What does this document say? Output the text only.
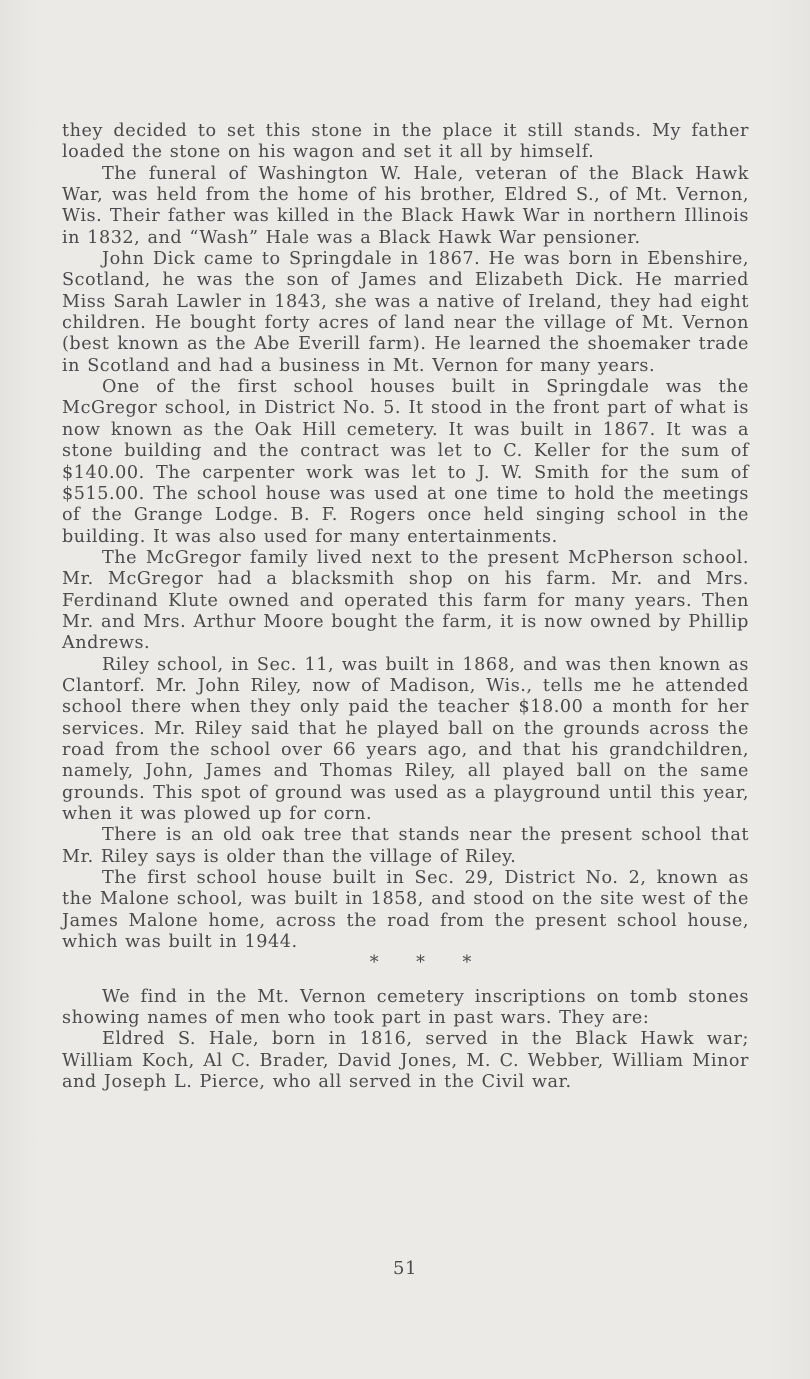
they decided to set this stone in the place it still stands. My father loaded the stone on his wagon and set it all by himself.

The funeral of Washington W. Hale, veteran of the Black Hawk War, was held from the home of his brother, Eldred S., of Mt. Vernon, Wis. Their father was killed in the Black Hawk War in northern Illinois in 1832, and “Wash” Hale was a Black Hawk War pensioner.

John Dick came to Springdale in 1867. He was born in Ebenshire, Scotland, he was the son of James and Elizabeth Dick. He married Miss Sarah Lawler in 1843, she was a native of Ireland, they had eight children. He bought forty acres of land near the village of Mt. Vernon (best known as the Abe Everill farm). He learned the shoemaker trade in Scotland and had a business in Mt. Vernon for many years.

One of the first school houses built in Springdale was the McGregor school, in District No. 5. It stood in the front part of what is now known as the Oak Hill cemetery. It was built in 1867. It was a stone building and the contract was let to C. Keller for the sum of $140.00. The carpenter work was let to J. W. Smith for the sum of $515.00. The school house was used at one time to hold the meetings of the Grange Lodge. B. F. Rogers once held singing school in the building. It was also used for many entertainments.

The McGregor family lived next to the present McPherson school. Mr. McGregor had a blacksmith shop on his farm. Mr. and Mrs. Ferdinand Klute owned and operated this farm for many years. Then Mr. and Mrs. Arthur Moore bought the farm, it is now owned by Phillip Andrews.

Riley school, in Sec. 11, was built in 1868, and was then known as Clantorf. Mr. John Riley, now of Madison, Wis., tells me he attended school there when they only paid the teacher $18.00 a month for her services. Mr. Riley said that he played ball on the grounds across the road from the school over 66 years ago, and that his grandchildren, namely, John, James and Thomas Riley, all played ball on the same grounds. This spot of ground was used as a playground until this year, when it was plowed up for corn.

There is an old oak tree that stands near the present school that Mr. Riley says is older than the village of Riley.

The first school house built in Sec. 29, District No. 2, known as the Malone school, was built in 1858, and stood on the site west of the James Malone home, across the road from the present school house, which was built in 1944.

* * *

We find in the Mt. Vernon cemetery inscriptions on tomb stones showing names of men who took part in past wars. They are:

Eldred S. Hale, born in 1816, served in the Black Hawk war; William Koch, Al C. Brader, David Jones, M. C. Webber, William Minor and Joseph L. Pierce, who all served in the Civil war.

51
